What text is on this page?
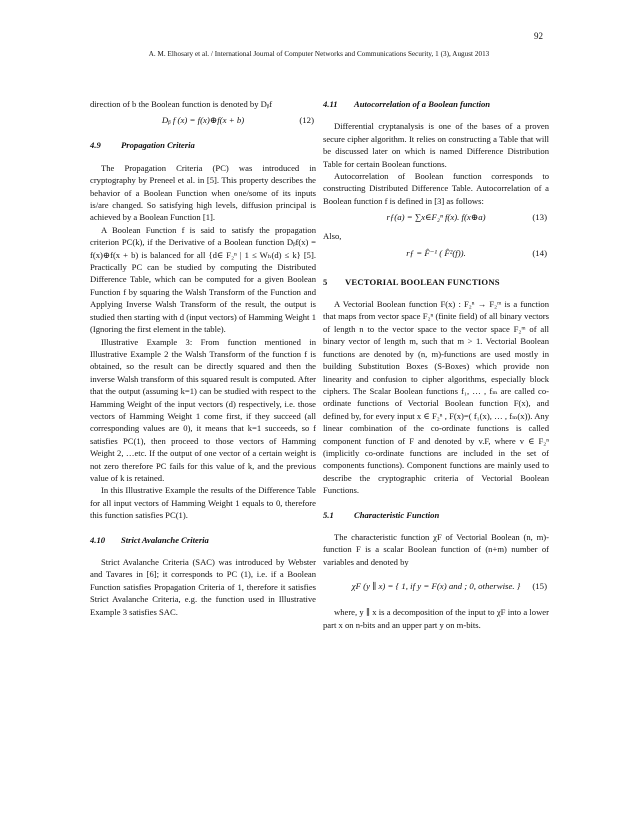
92
A. M. Elhosary et al. / International Journal of Computer Networks and Communications Security, 1 (3), August 2013

direction of b the Boolean function is denoted by Dᵦf

Dᵦ f (x) = f(x)⊕f(x + b)	(12)
4.9 Propagation Criteria

The Propagation Criteria (PC) was introduced in cryptography by Preneel et al. in [5]. This property describes the behavior of a Boolean Function when one/some of its inputs is/are changed. So satisfying high levels, diffusion principal is achieved by a Boolean Function [1].

A Boolean Function f is said to satisfy the propagation criterion PC(k), if the Derivative of a Boolean function Dᵦf(x) = f(x)⊕f(x + b) is balanced for all {d∈ F₂ⁿ | 1 ≤ Wₕ(d) ≤ k} [5]. Practically PC can be studied by computing the Distributed Difference Table, which can be computed for a given Boolean Function f by squaring the Walsh Transform of the Function and Applying Inverse Walsh Transform of the result, the output is studied then starting with d (input vectors) of Hamming Weight 1 (Ignoring the first element in the table).

Illustrative Example 3: From function mentioned in Illustrative Example 2 the Walsh Transform of the function f is obtained, so the result can be directly squared and then the inverse Walsh transform of this squared result is computed. After that the output (assuming k=1) can be studied with respect to the Hamming Weight of the input vectors (d) respectively, i.e. those vectors of Hamming Weight 1 come first, if they succeed (all corresponding values are 0), it means that k=1 succeeds, so f satisfies PC(1), then proceed to those vectors of Hamming Weight 2, …etc. If the output of one vector of a certain weight is not zero therefore PC fails for this value of k, and the previous value of k is retained.

In this Illustrative Example the results of the Difference Table for all input vectors of Hamming Weight 1 equals to 0, therefore this function satisfies PC(1).

4.10 Strict Avalanche Criteria

Strict Avalanche Criteria (SAC) was introduced by Webster and Tavares in [6]; it corresponds to PC (1), i.e. if a Boolean Function satisfies Propagation Criteria of 1, therefore it satisfies Strict Avalanche Criteria, e.g. the function used in Illustrative Example 3 satisfies SAC.

4.11 Autocorrelation of a Boolean function

Differential cryptanalysis is one of the bases of a proven secure cipher algorithm. It relies on constructing a Table that will be discussed later on which is named Difference Distribution Table for certain Boolean functions.

Autocorrelation of Boolean function corresponds to constructing Distributed Difference Table. Autocorrelation of a Boolean function f is defined in [3] as follows:

rƒ(a) = ∑x∈F₂ⁿ f(x). f(x⊕a)	(13)

Also,

rƒ = F̂⁻¹ ( F̂²(f)).	(14)
5 VECTORIAL BOOLEAN FUNCTIONS

A Vectorial Boolean function F(x) : F₂ⁿ → F₂ᵐ is a function that maps from vector space F₂ⁿ (finite field) of all binary vectors of length n to the vector space to the vector space F₂ᵐ of all binary vector of length m, such that m > 1. Vectorial Boolean functions are denoted by (n, m)-functions are used mostly in building Substitution Boxes (S-Boxes) which provide non linearity and confusion to cipher algorithms, especially block ciphers. The Scalar Boolean functions f₁, … , fₘ are called co-ordinate functions of Vectorial Boolean function F(x), and defined by, for every input x ∈ F₂ⁿ , F(x)=( f₁(x), … , fₘ(x)). Any linear combination of the co-ordinate functions is called component function of F and denoted by v.F, where v ∈ F₂ⁿ (implicitly co-ordinate functions are included in the set of components functions). Component functions are mainly used to describe the cryptographic criteria of Vectorial Boolean Functions.

5.1 Characteristic Function

The characteristic function χF of Vectorial Boolean (n, m)-function F is a scalar Boolean function of (n+m) number of variables and denoted by

χF (y ∥ x) = { 1, if y = F(x) and ; 0, otherwise. } (15)

where, y ∥ x is a decomposition of the input to χF into a lower part x on n-bits and an upper part y on m-bits.
